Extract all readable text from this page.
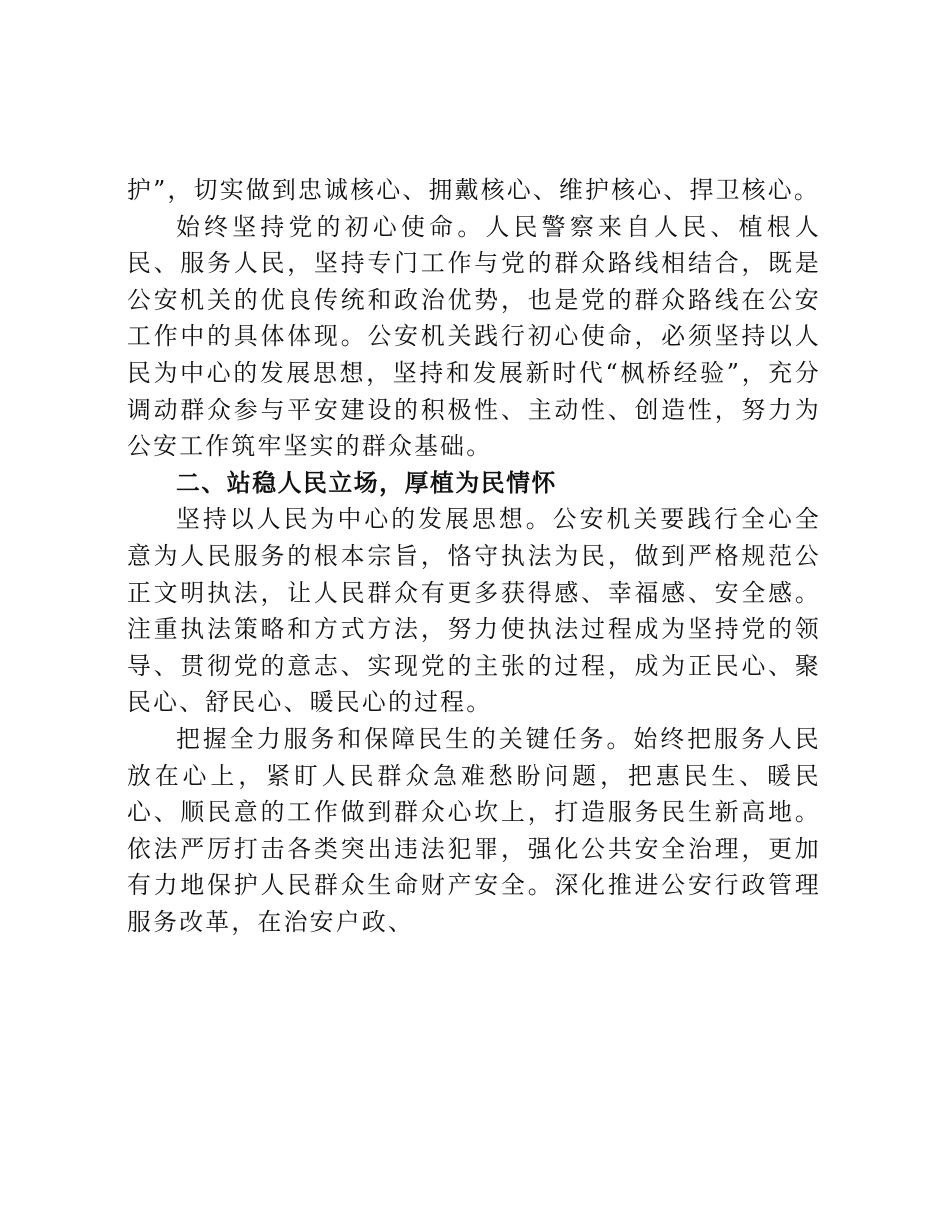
护”，切实做到忠诚核心、拥戴核心、维护核心、捍卫核心。

始终坚持党的初心使命。人民警察来自人民、植根人民、服务人民，坚持专门工作与党的群众路线相结合，既是公安机关的优良传统和政治优势，也是党的群众路线在公安工作中的具体体现。公安机关践行初心使命，必须坚持以人民为中心的发展思想，坚持和发展新时代“枫桥经验”，充分调动群众参与平安建设的积极性、主动性、创造性，努力为公安工作筑牢坚实的群众基础。

二、站稳人民立场，厚植为民情怀

坚持以人民为中心的发展思想。公安机关要践行全心全意为人民服务的根本宗旨，恪守执法为民，做到严格规范公正文明执法，让人民群众有更多获得感、幸福感、安全感。注重执法策略和方式方法，努力使执法过程成为坚持党的领导、贯彻党的意志、实现党的主张的过程，成为正民心、聚民心、舒民心、暖民心的过程。

把握全力服务和保障民生的关键任务。始终把服务人民放在心上，紧盯人民群众急难愁盼问题，把惠民生、暖民心、顺民意的工作做到群众心坎上，打造服务民生新高地。依法严厉打击各类突出违法犯罪，强化公共安全治理，更加有力地保护人民群众生命财产安全。深化推进公安行政管理服务改革，在治安户政、
